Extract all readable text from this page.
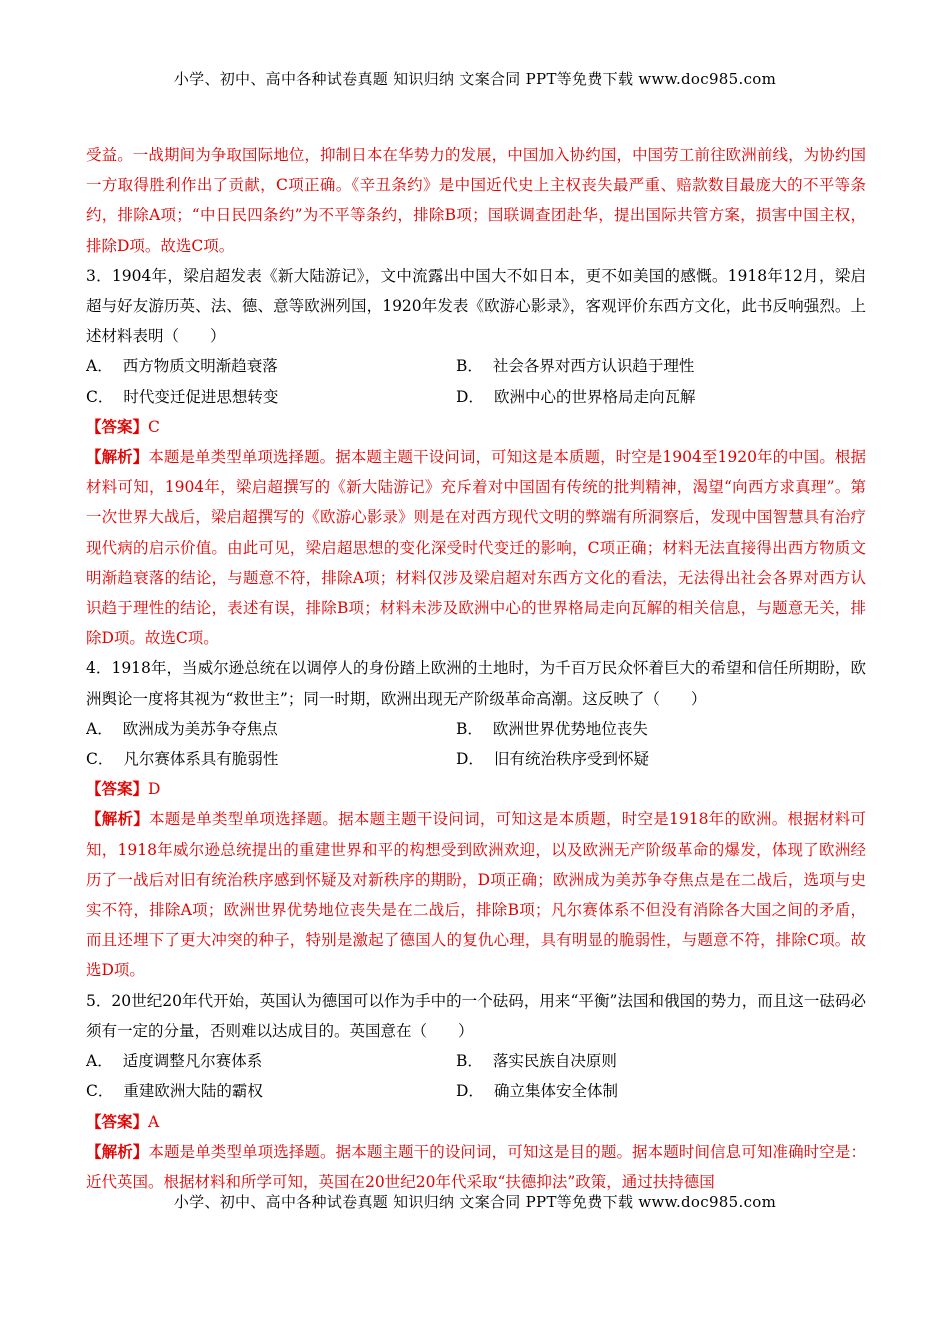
小学、初中、高中各种试卷真题 知识归纳 文案合同 PPT等免费下载 www.doc985.com

受益。一战期间为争取国际地位，抑制日本在华势力的发展，中国加入协约国，中国劳工前往欧洲前线，为协约国一方取得胜利作出了贡献，C项正确。《辛丑条约》是中国近代史上主权丧失最严重、赔款数目最庞大的不平等条约，排除A项；“中日民四条约”为不平等条约，排除B项；国联调查团赴华，提出国际共管方案，损害中国主权，排除D项。故选C项。

3．1904年，梁启超发表《新大陆游记》，文中流露出中国大不如日本，更不如美国的感慨。1918年12月，梁启超与好友游历英、法、德、意等欧洲列国，1920年发表《欧游心影录》，客观评价东西方文化，此书反响强烈。上述材料表明（　　）

A． 西方物质文明渐趋衰落	B． 社会各界对西方认识趋于理性
C． 时代变迁促进思想转变	D． 欧洲中心的世界格局走向瓦解

【答案】C

【解析】本题是单类型单项选择题。据本题主题干设问词，可知这是本质题，时空是1904至1920年的中国。根据材料可知，1904年，梁启超撰写的《新大陆游记》充斥着对中国固有传统的批判精神，渴望“向西方求真理”。第一次世界大战后，梁启超撰写的《欧游心影录》则是在对西方现代文明的弊端有所洞察后，发现中国智慧具有治疗现代病的启示价值。由此可见，梁启超思想的变化深受时代变迁的影响，C项正确；材料无法直接得出西方物质文明渐趋衰落的结论，与题意不符，排除A项；材料仅涉及梁启超对东西方文化的看法，无法得出社会各界对西方认识趋于理性的结论，表述有误，排除B项；材料未涉及欧洲中心的世界格局走向瓦解的相关信息，与题意无关，排除D项。故选C项。

4．1918年，当威尔逊总统在以调停人的身份踏上欧洲的土地时，为千百万民众怀着巨大的希望和信任所期盼，欧洲舆论一度将其视为“救世主”；同一时期，欧洲出现无产阶级革命高潮。这反映了（　　）

A． 欧洲成为美苏争夺焦点	B． 欧洲世界优势地位丧失
C． 凡尔赛体系具有脆弱性	D． 旧有统治秩序受到怀疑

【答案】D

【解析】本题是单类型单项选择题。据本题主题干设问词，可知这是本质题，时空是1918年的欧洲。根据材料可知，1918年威尔逊总统提出的重建世界和平的构想受到欧洲欢迎，以及欧洲无产阶级革命的爆发，体现了欧洲经历了一战后对旧有统治秩序感到怀疑及对新秩序的期盼，D项正确；欧洲成为美苏争夺焦点是在二战后，选项与史实不符，排除A项；欧洲世界优势地位丧失是在二战后，排除B项；凡尔赛体系不但没有消除各大国之间的矛盾，而且还埋下了更大冲突的种子，特别是激起了德国人的复仇心理，具有明显的脆弱性，与题意不符，排除C项。故选D项。

5．20世纪20年代开始，英国认为德国可以作为手中的一个砝码，用来“平衡”法国和俄国的势力，而且这一砝码必须有一定的分量，否则难以达成目的。英国意在（　　）

A． 适度调整凡尔赛体系	B． 落实民族自决原则
C． 重建欧洲大陆的霸权	D． 确立集体安全体制

【答案】A

【解析】本题是单类型单项选择题。据本题主题干的设问词，可知这是目的题。据本题时间信息可知准确时空是：近代英国。根据材料和所学可知，英国在20世纪20年代采取“扶德抑法”政策，通过扶持德国

小学、初中、高中各种试卷真题 知识归纳 文案合同 PPT等免费下载 www.doc985.com
